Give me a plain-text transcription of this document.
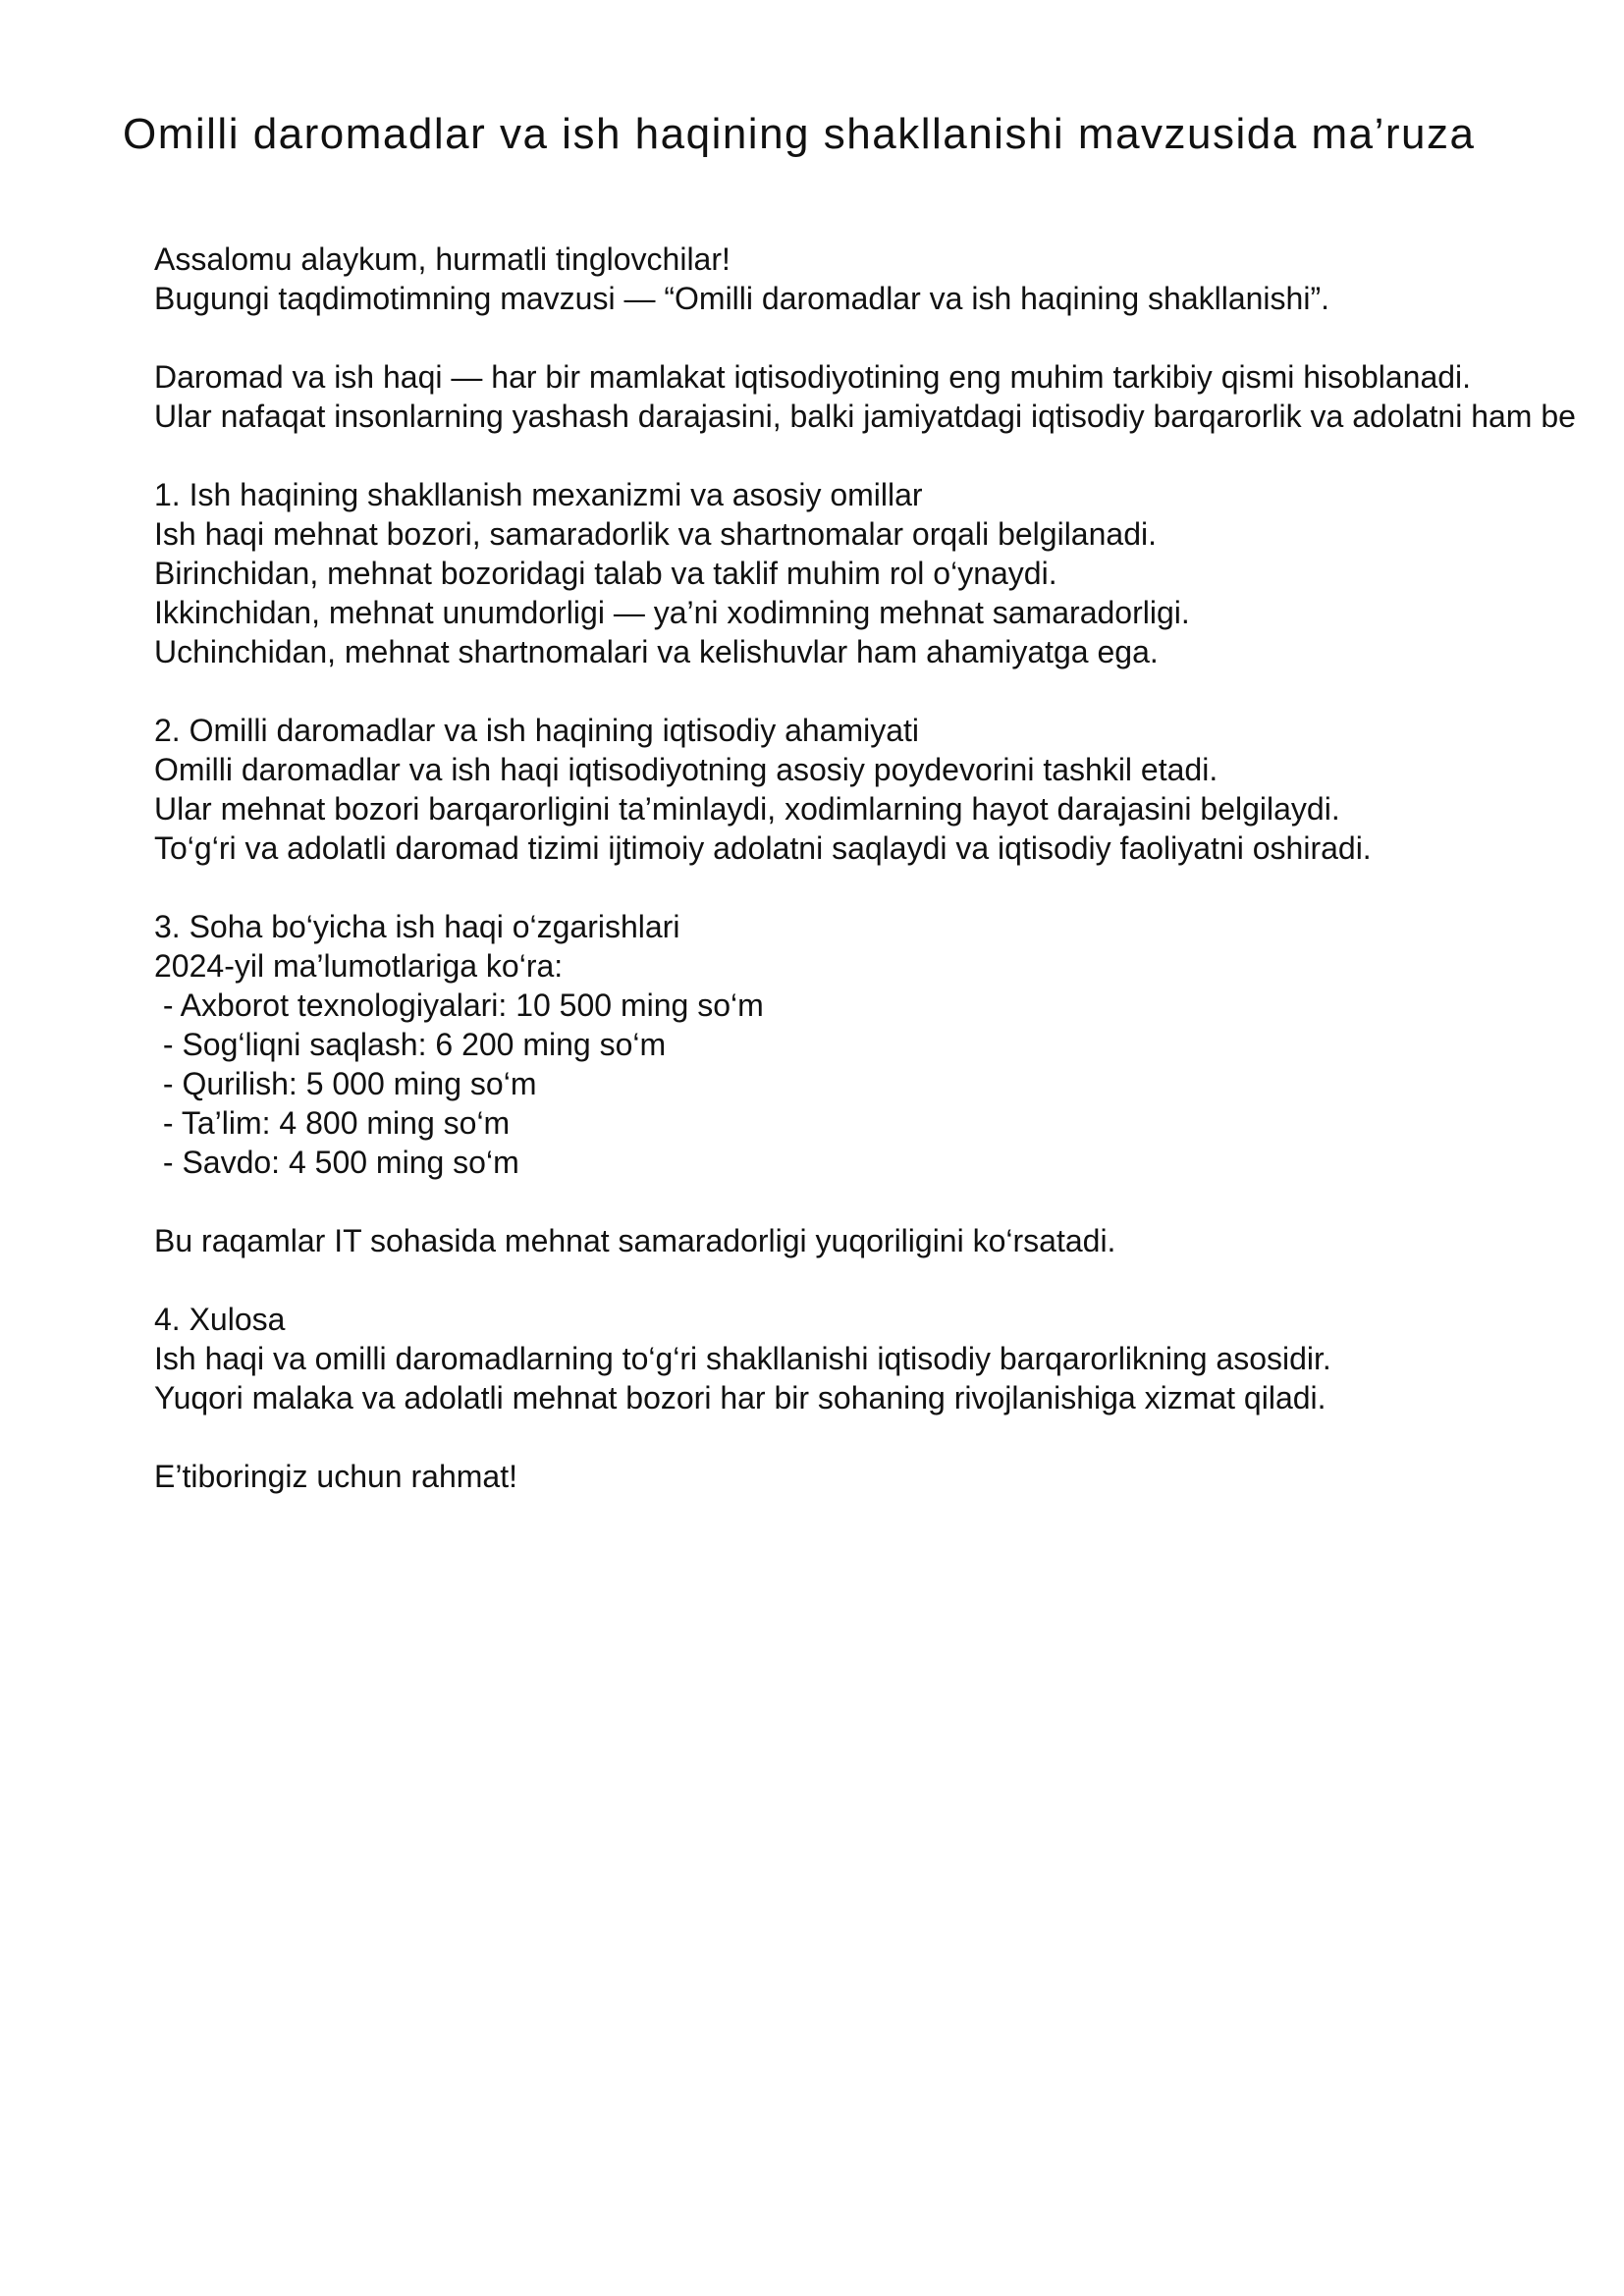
Omilli daromadlar va ish haqining shakllanishi mavzusida ma’ruza
Assalomu alaykum, hurmatli tinglovchilar!
Bugungi taqdimotimning mavzusi — “Omilli daromadlar va ish haqining shakllanishi”.
Daromad va ish haqi — har bir mamlakat iqtisodiyotining eng muhim tarkibiy qismi hisoblanadi.
Ular nafaqat insonlarning yashash darajasini, balki jamiyatdagi iqtisodiy barqarorlik va adolatni ham be
1. Ish haqining shakllanish mexanizmi va asosiy omillar
Ish haqi mehnat bozori, samaradorlik va shartnomalar orqali belgilanadi.
Birinchidan, mehnat bozoridagi talab va taklif muhim rol o‘ynaydi.
Ikkinchidan, mehnat unumdorligi — ya’ni xodimning mehnat samaradorligi.
Uchinchidan, mehnat shartnomalari va kelishuvlar ham ahamiyatga ega.
2. Omilli daromadlar va ish haqining iqtisodiy ahamiyati
Omilli daromadlar va ish haqi iqtisodiyotning asosiy poydevorini tashkil etadi.
Ular mehnat bozori barqarorligini ta’minlaydi, xodimlarning hayot darajasini belgilaydi.
To‘g‘ri va adolatli daromad tizimi ijtimoiy adolatni saqlaydi va iqtisodiy faoliyatni oshiradi.
3. Soha bo‘yicha ish haqi o‘zgarishlari
2024-yil ma’lumotlariga ko‘ra:
- Axborot texnologiyalari: 10 500 ming so‘m
- Sog‘liqni saqlash: 6 200 ming so‘m
- Qurilish: 5 000 ming so‘m
- Ta’lim: 4 800 ming so‘m
- Savdo: 4 500 ming so‘m
Bu raqamlar IT sohasida mehnat samaradorligi yuqoriligini ko‘rsatadi.
4. Xulosa
Ish haqi va omilli daromadlarning to‘g‘ri shakllanishi iqtisodiy barqarorlikning asosidir.
Yuqori malaka va adolatli mehnat bozori har bir sohaning rivojlanishiga xizmat qiladi.
E’tiboringiz uchun rahmat!
